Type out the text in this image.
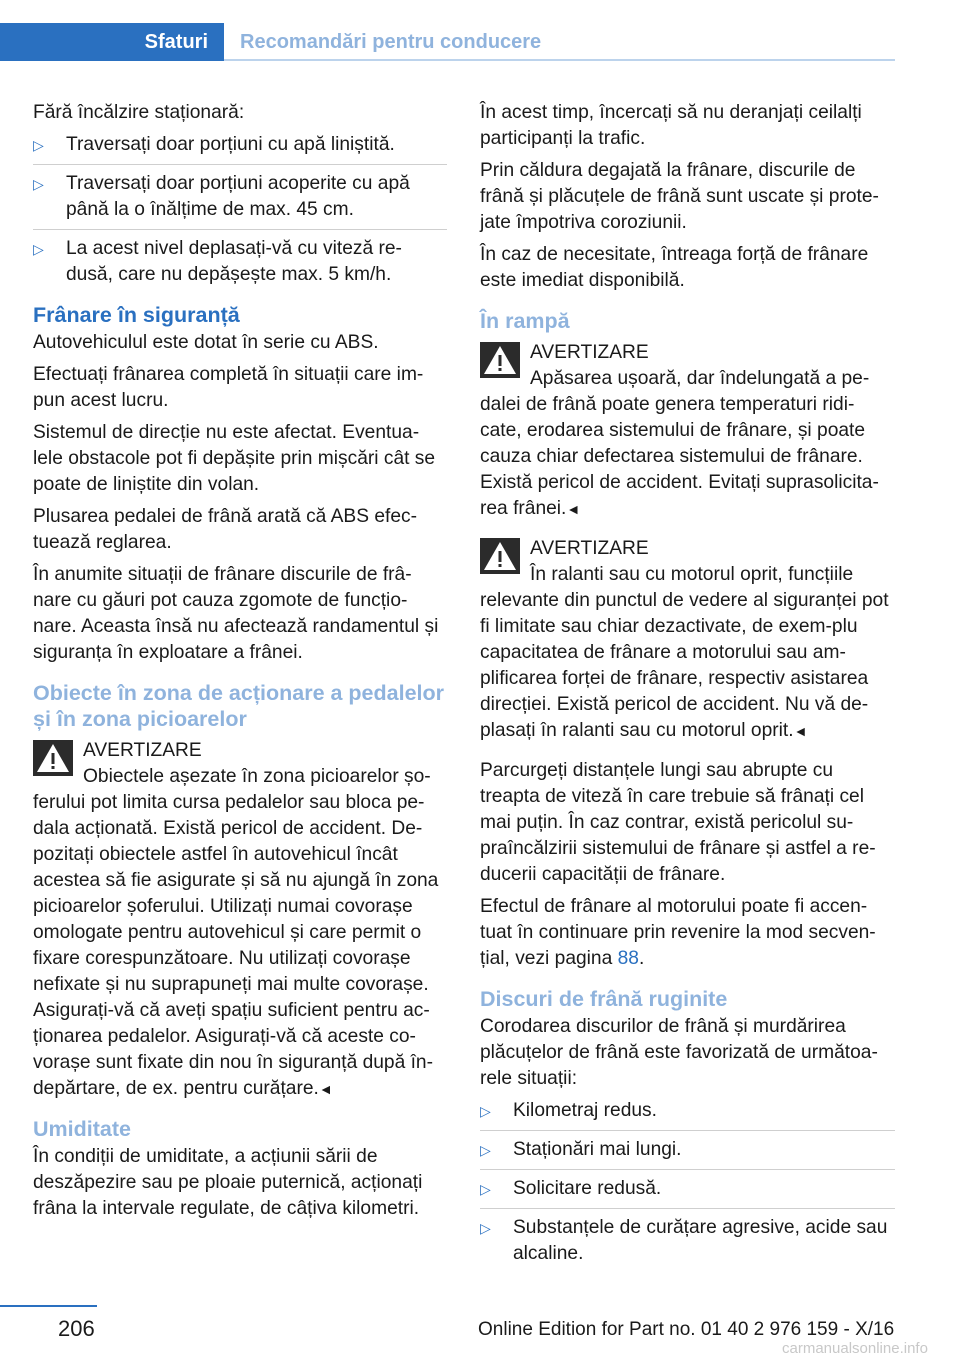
Sfaturi	Recomandări pentru conducere

Fără încălzire staționară:

▷ Traversați doar porțiuni cu apă liniștită.
▷ Traversați doar porțiuni acoperite cu apă până la o înălțime de max. 45 cm.
▷ La acest nivel deplasați-vă cu viteză re-dusă, care nu depășește max. 5 km/h.
Frânare în siguranță

Autovehiculul este dotat în serie cu ABS.

Efectuați frânarea completă în situații care im-pun acest lucru.

Sistemul de direcție nu este afectat. Eventua-lele obstacole pot fi depășite prin mișcări cât se poate de liniștite din volan.

Plusarea pedalei de frână arată că ABS efec-tuează reglarea.

În anumite situații de frânare discurile de frâ-nare cu găuri pot cauza zgomote de funcțio-nare. Aceasta însă nu afectează randamentul și siguranța în exploatare a frânei.

Obiecte în zona de acționare a pedalelor și în zona picioarelor
AVERTIZARE
Obiectele așezate în zona picioarelor șo-
ferului pot limita cursa pedalelor sau bloca pe-dala acționată. Există pericol de accident. De-pozitați obiectele astfel în autovehicul încât acestea să fie asigurate și să nu ajungă în zona picioarelor șoferului. Utilizați numai covorașe omologate pentru autovehicul și care permit o fixare corespunzătoare. Nu utilizați covorașe nefixate și nu suprapuneți mai multe covorașe. Asigurați-vă că aveți spațiu suficient pentru ac-ționarea pedalelor. Asigurați-vă că aceste co-vorașe sunt fixate din nou în siguranță după în-depărtare, de ex. pentru curățare.◄
Umiditate

În condiții de umiditate, a acțiunii sării de deszăpezire sau pe ploaie puternică, acționați frâna la intervale regulate, de câțiva kilometri.

În acest timp, încercați să nu deranjați ceilalți participanți la trafic.

Prin căldura degajată la frânare, discurile de frână și plăcuțele de frână sunt uscate și prote-jate împotriva coroziunii.

În caz de necesitate, întreaga forță de frânare este imediat disponibilă.

În rampă
AVERTIZARE
Apăsarea ușoară, dar îndelungată a pe-
dalei de frână poate genera temperaturi ridi-cate, erodarea sistemului de frânare, și poate cauza chiar defectarea sistemului de frânare. Există pericol de accident. Evitați suprasolicita-rea frânei.◄
AVERTIZARE
În ralanti sau cu motorul oprit, funcțiile
relevante din punctul de vedere al siguranței pot fi limitate sau chiar dezactivate, de exem-plu capacitatea de frânare a motorului sau am-plificarea forței de frânare, respectiv asistarea direcției. Există pericol de accident. Nu vă de-plasați în ralanti sau cu motorul oprit.◄

Parcurgeți distanțele lungi sau abrupte cu treapta de viteză în care trebuie să frânați cel mai puțin. În caz contrar, există pericolul su-praîncălzirii sistemului de frânare și astfel a re-ducerii capacității de frânare.

Efectul de frânare al motorului poate fi accen-tuat în continuare prin revenire la mod secven-țial, vezi pagina 88.

Discuri de frână ruginite

Corodarea discurilor de frână și murdărirea plăcuțelor de frână este favorizată de următoa-rele situații:

▷ Kilometraj redus.
▷ Staționări mai lungi.
▷ Solicitare redusă.
▷ Substanțele de curățare agresive, acide sau alcaline.
206	Online Edition for Part no. 01 40 2 976 159 - X/16
carmanualsonline.info
